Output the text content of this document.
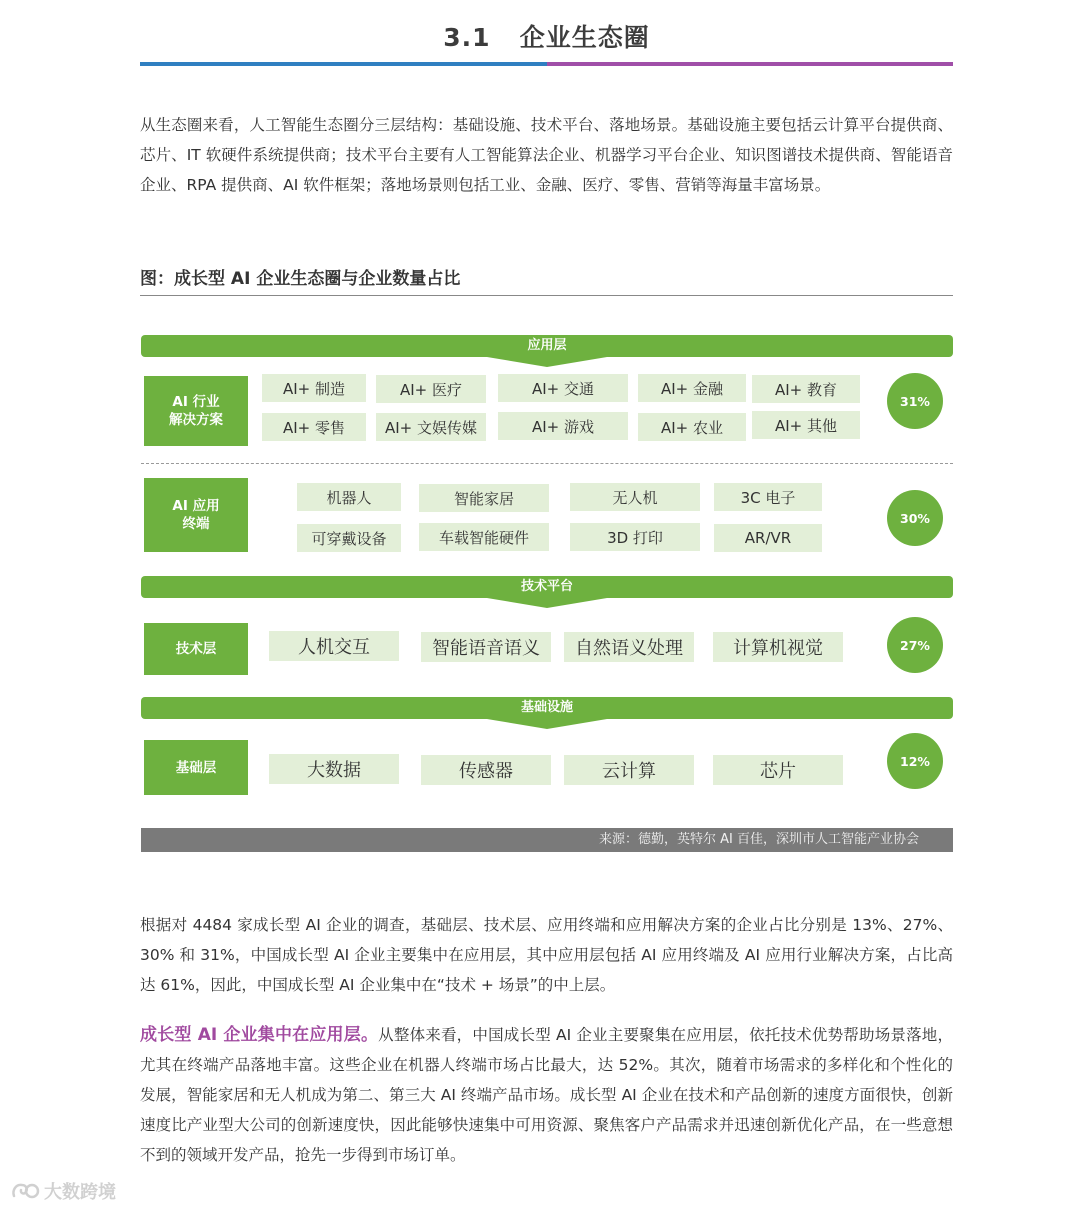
3.1 企业生态圈
从生态圈来看，人工智能生态圈分三层结构：基础设施、技术平台、落地场景。基础设施主要包括云计算平台提供商、芯片、IT 软硬件系统提供商；技术平台主要有人工智能算法企业、机器学习平台企业、知识图谱技术提供商、智能语音企业、RPA 提供商、AI 软件框架；落地场景则包括工业、金融、医疗、零售、营销等海量丰富场景。
图：成长型 AI 企业生态圈与企业数量占比
应用层
AI 行业
解决方案
AI+ 制造	AI+ 医疗	AI+ 交通	AI+ 金融	AI+ 教育
AI+ 零售	AI+ 文娱传媒	AI+ 游戏	AI+ 农业	AI+ 其他
31%
AI 应用
终端
机器人	智能家居	无人机	3C 电子
可穿戴设备	车载智能硬件	3D 打印	AR/VR
30%
技术平台
技术层	人机交互	智能语音语义	自然语义处理	计算机视觉	27%
基础设施
基础层	大数据	传感器	云计算	芯片	12%
来源：德勤，英特尔 AI 百佳，深圳市人工智能产业协会
根据对 4484 家成长型 AI 企业的调查，基础层、技术层、应用终端和应用解决方案的企业占比分别是 13%、27%、30% 和 31%，中国成长型 AI 企业主要集中在应用层，其中应用层包括 AI 应用终端及 AI 应用行业解决方案，占比高达 61%，因此，中国成长型 AI 企业集中在“技术 + 场景”的中上层。
成长型 AI 企业集中在应用层。从整体来看，中国成长型 AI 企业主要聚集在应用层，依托技术优势帮助场景落地，尤其在终端产品落地丰富。这些企业在机器人终端市场占比最大，达 52%。其次，随着市场需求的多样化和个性化的发展，智能家居和无人机成为第二、第三大 AI 终端产品市场。成长型 AI 企业在技术和产品创新的速度方面很快，创新速度比产业型大公司的创新速度快，因此能够快速集中可用资源、聚焦客户产品需求并迅速创新优化产品，在一些意想不到的领域开发产品，抢先一步得到市场订单。
大数跨境
